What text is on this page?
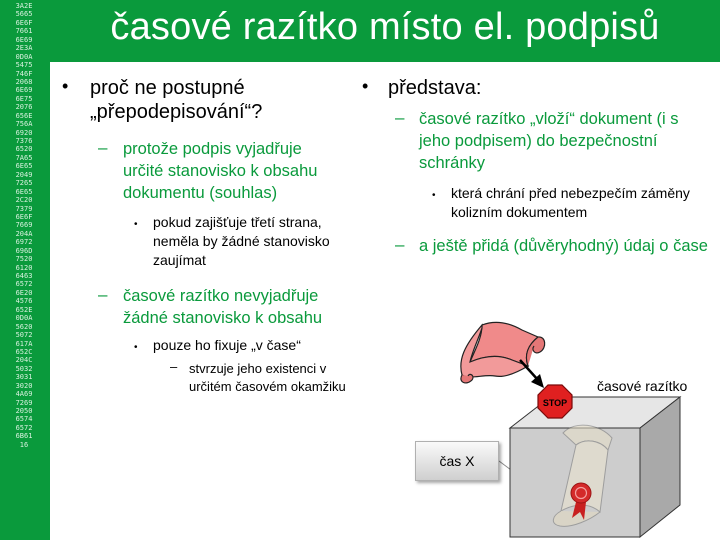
3A2E
5665
6E6F
7661
6E69
2E3A
0D0A
5475
746F
2068
6E69
6E75
2076
656E
756A
6920
7376
6520
7A65
6E65
2049
7265
6E65
2C20
7379
6E6F
7669
204A
6972
696D
7520
6120
6463
6572
6E20
4576
652E
0D0A
5620
5072
617A
652C
204C
5032
3031
3020
4A69
7269
2050
6574
6572
6B61
16
časové razítko místo el. podpisů
• proč ne postupné „přepodepisování“?
– protože podpis vyjadřuje určité stanovisko k obsahu dokumentu (souhlas)
• pokud zajišťuje třetí strana, neměla by žádné stanovisko zaujímat
– časové razítko nevyjadřuje žádné stanovisko k obsahu
• pouze ho fixuje „v čase“
– stvrzuje jeho existenci v určitém časovém okamžiku
• představa:
– časové razítko „vloží“ dokument (i s jeho podpisem) do bezpečnostní schránky
• která chrání před nebezpečím záměny kolizním dokumentem
– a ještě přidá (důvěryhodný) údaj o čase
STOP
čas X
časové razítko
